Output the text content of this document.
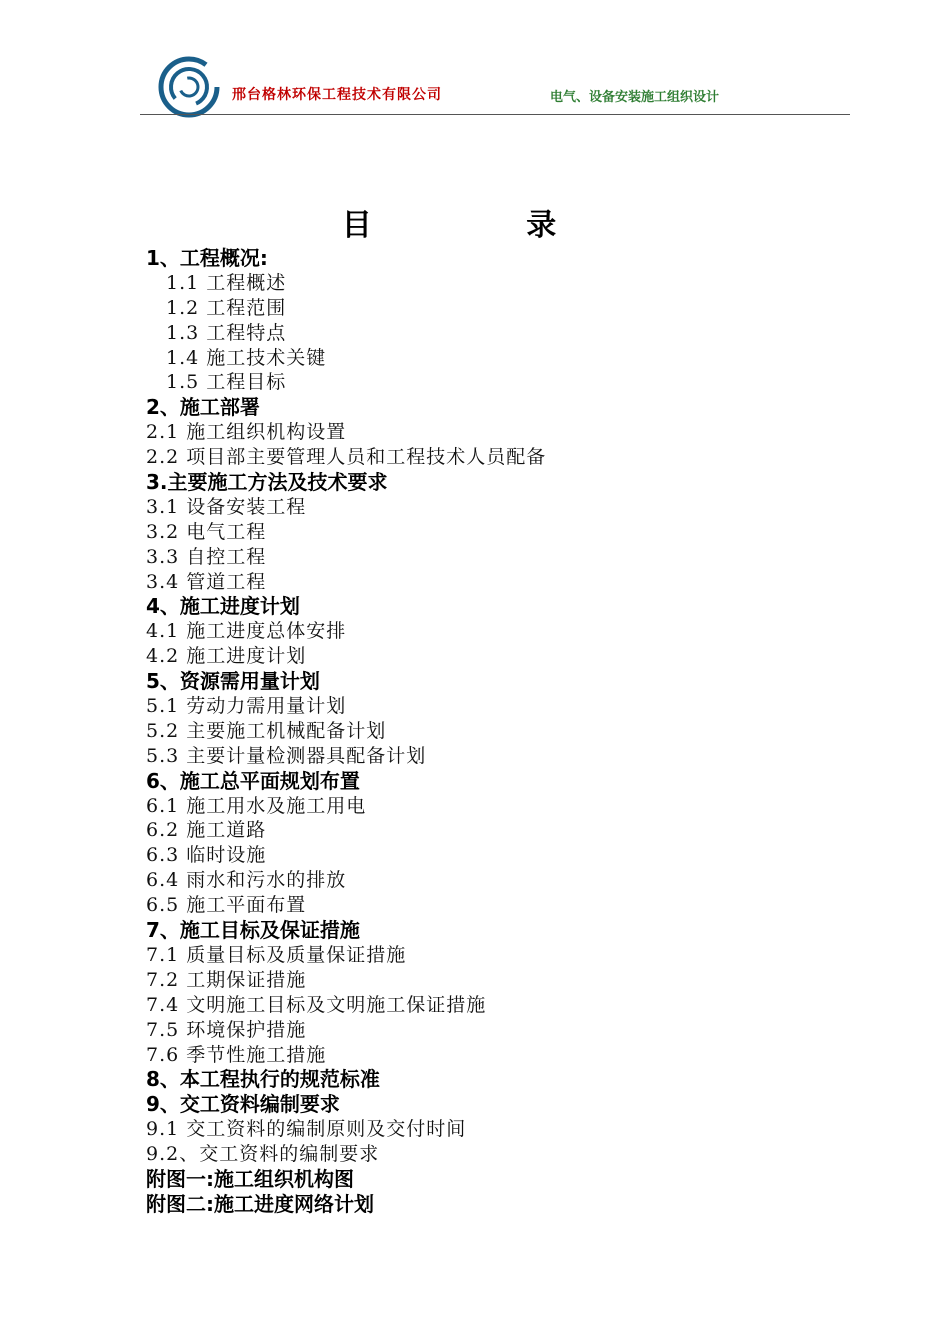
邢台格林环保工程技术有限公司	电气、设备安装施工组织设计
目 录
1、工程概况:
1.1 工程概述
1.2 工程范围
1.3 工程特点
1.4 施工技术关键
1.5 工程目标
2、施工部署
2.1 施工组织机构设置
2.2 项目部主要管理人员和工程技术人员配备
3.主要施工方法及技术要求
3.1 设备安装工程
3.2 电气工程
3.3 自控工程
3.4 管道工程
4、施工进度计划
4.1 施工进度总体安排
4.2 施工进度计划
5、资源需用量计划
5.1 劳动力需用量计划
5.2 主要施工机械配备计划
5.3 主要计量检测器具配备计划
6、施工总平面规划布置
6.1 施工用水及施工用电
6.2 施工道路
6.3 临时设施
6.4 雨水和污水的排放
6.5 施工平面布置
7、施工目标及保证措施
7.1 质量目标及质量保证措施
7.2 工期保证措施
7.4 文明施工目标及文明施工保证措施
7.5 环境保护措施
7.6 季节性施工措施
8、本工程执行的规范标准
9、交工资料编制要求
9.1 交工资料的编制原则及交付时间
9.2、交工资料的编制要求
附图一:施工组织机构图
附图二:施工进度网络计划
